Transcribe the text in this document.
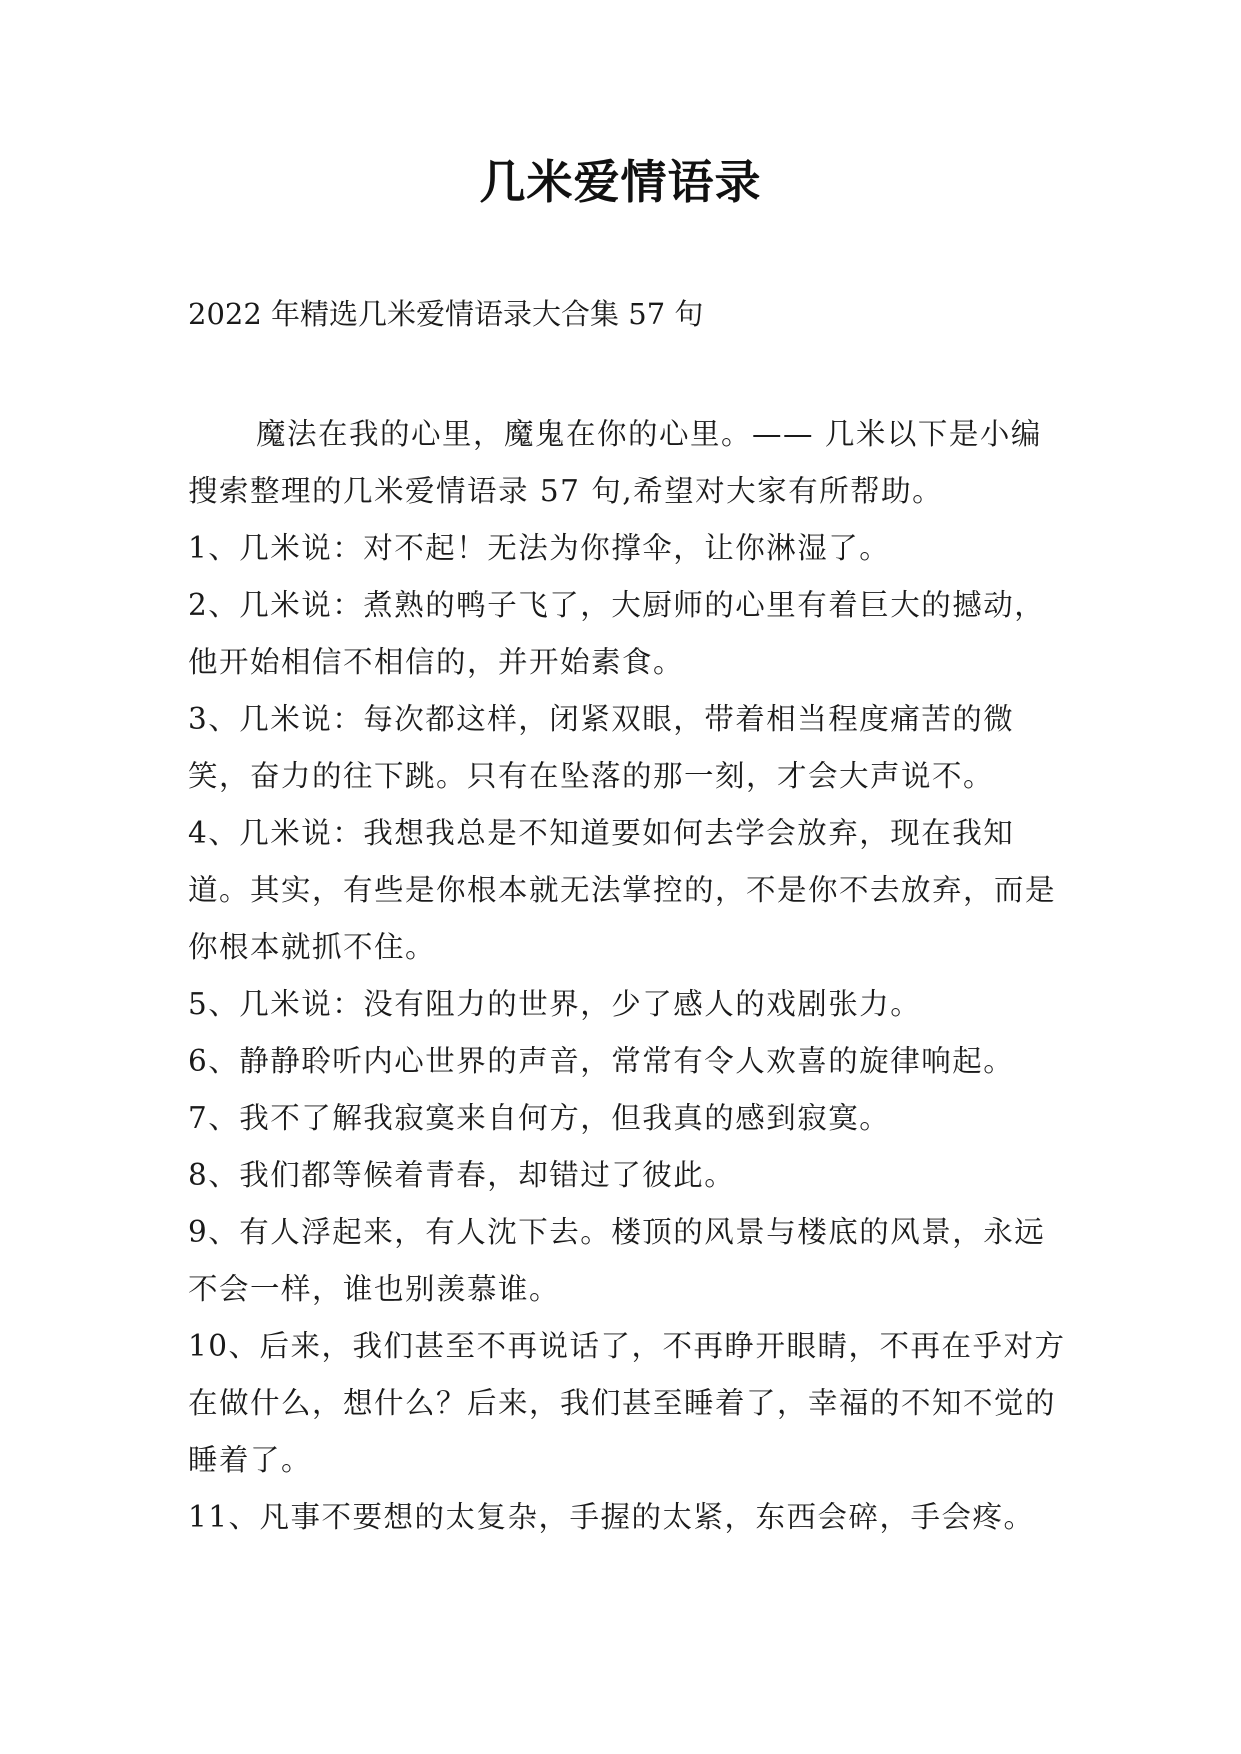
几米爱情语录
2022 年精选几米爱情语录大合集 57 句

魔法在我的心里，魔鬼在你的心里。—— 几米以下是小编搜索整理的几米爱情语录 57 句,希望对大家有所帮助。

1、几米说：对不起！无法为你撑伞，让你淋湿了。

2、几米说：煮熟的鸭子飞了，大厨师的心里有着巨大的撼动，他开始相信不相信的，并开始素食。

3、几米说：每次都这样，闭紧双眼，带着相当程度痛苦的微笑，奋力的往下跳。只有在坠落的那一刻，才会大声说不。

4、几米说：我想我总是不知道要如何去学会放弃，现在我知道。其实，有些是你根本就无法掌控的，不是你不去放弃，而是你根本就抓不住。

5、几米说：没有阻力的世界，少了感人的戏剧张力。

6、静静聆听内心世界的声音，常常有令人欢喜的旋律响起。

7、我不了解我寂寞来自何方，但我真的感到寂寞。

8、我们都等候着青春，却错过了彼此。

9、有人浮起来，有人沈下去。楼顶的风景与楼底的风景，永远不会一样，谁也别羡慕谁。

10、后来，我们甚至不再说话了，不再睁开眼睛，不再在乎对方在做什么，想什么？后来，我们甚至睡着了，幸福的不知不觉的睡着了。

11、凡事不要想的太复杂，手握的太紧，东西会碎，手会疼。
